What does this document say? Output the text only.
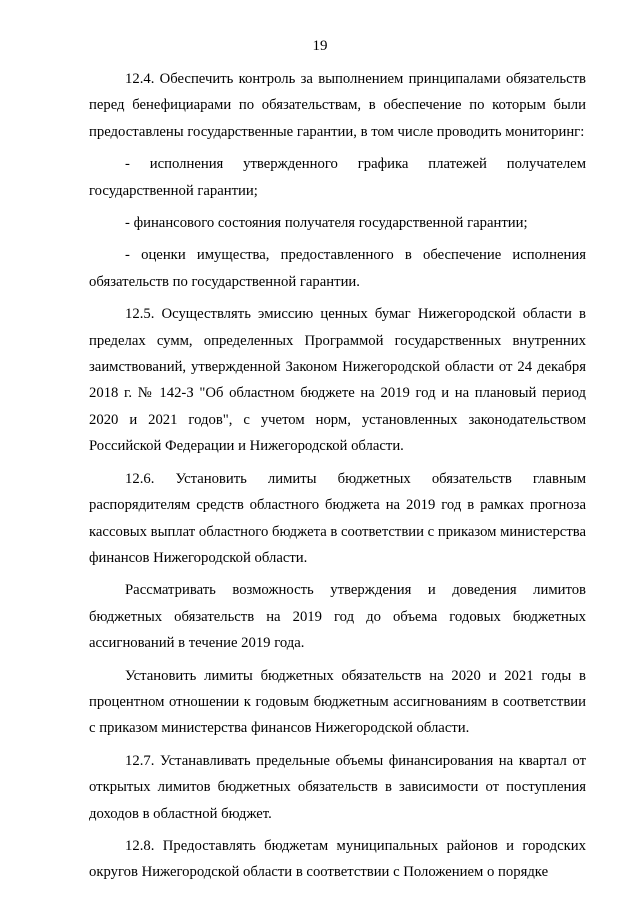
19

12.4. Обеспечить контроль за выполнением принципалами обязательств перед бенефициарами по обязательствам, в обеспечение по которым были предоставлены государственные гарантии, в том числе проводить мониторинг:

- исполнения утвержденного графика платежей получателем государственной гарантии;

- финансового состояния получателя государственной гарантии;

- оценки имущества, предоставленного в обеспечение исполнения обязательств по государственной гарантии.

12.5. Осуществлять эмиссию ценных бумаг Нижегородской области в пределах сумм, определенных Программой государственных внутренних заимствований, утвержденной Законом Нижегородской области от 24 декабря 2018 г. № 142-З "Об областном бюджете на 2019 год и на плановый период 2020 и 2021 годов", с учетом норм, установленных законодательством Российской Федерации и Нижегородской области.

12.6. Установить лимиты бюджетных обязательств главным распорядителям средств областного бюджета на 2019 год в рамках прогноза кассовых выплат областного бюджета в соответствии с приказом министерства финансов Нижегородской области.

Рассматривать возможность утверждения и доведения лимитов бюджетных обязательств на 2019 год до объема годовых бюджетных ассигнований в течение 2019 года.

Установить лимиты бюджетных обязательств на 2020 и 2021 годы в процентном отношении к годовым бюджетным ассигнованиям в соответствии с приказом министерства финансов Нижегородской области.

12.7. Устанавливать предельные объемы финансирования на квартал от открытых лимитов бюджетных обязательств в зависимости от поступления доходов в областной бюджет.

12.8. Предоставлять бюджетам муниципальных районов и городских округов Нижегородской области в соответствии с Положением о порядке
